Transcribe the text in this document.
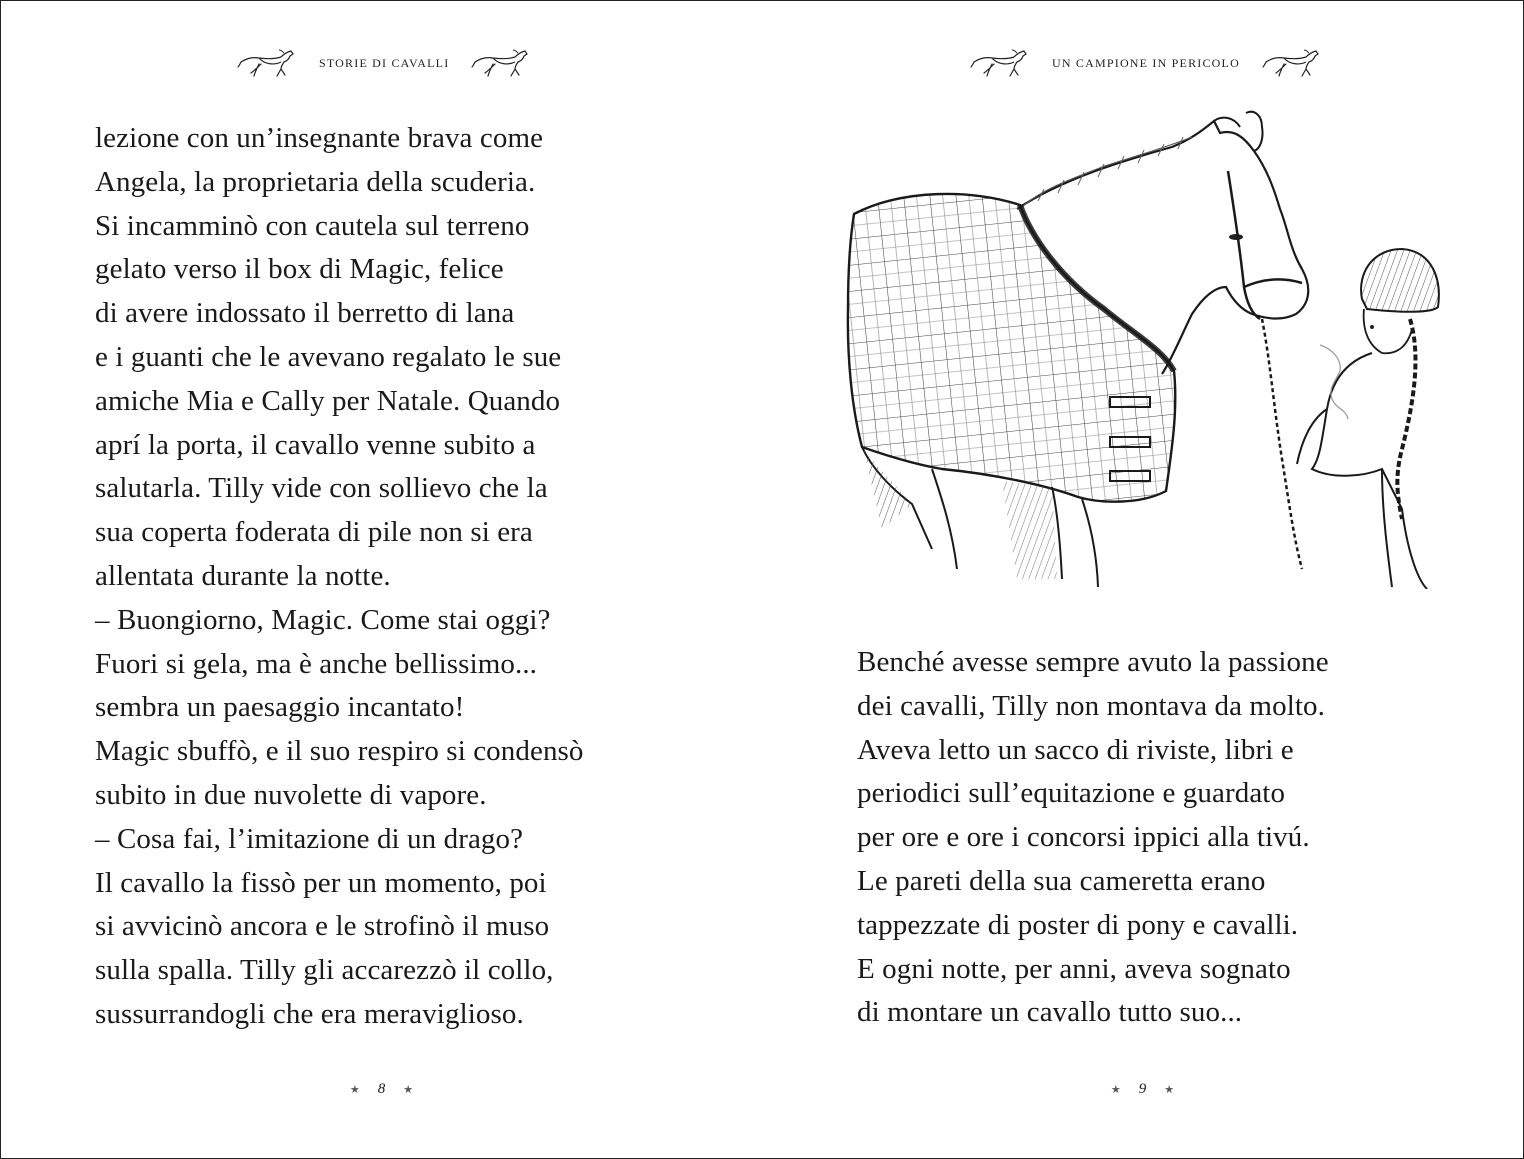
STORIE DI CAVALLI
lezione con un’insegnante brava come
Angela, la proprietaria della scuderia.
Si incamminò con cautela sul terreno
gelato verso il box di Magic, felice
di avere indossato il berretto di lana
e i guanti che le avevano regalato le sue
amiche Mia e Cally per Natale. Quando
aprí la porta, il cavallo venne subito a
salutarla. Tilly vide con sollievo che la
sua coperta foderata di pile non si era
allentata durante la notte.
– Buongiorno, Magic. Come stai oggi?
Fuori si gela, ma è anche bellissimo...
sembra un paesaggio incantato!
Magic sbuffò, e il suo respiro si condensò
subito in due nuvolette di vapore.
– Cosa fai, l’imitazione di un drago?
Il cavallo la fissò per un momento, poi
si avvicinò ancora e le strofinò il muso
sulla spalla. Tilly gli accarezzò il collo,
sussurrandogli che era meraviglioso.
★ 8 ★
UN CAMPIONE IN PERICOLO
Benché avesse sempre avuto la passione
dei cavalli, Tilly non montava da molto.
Aveva letto un sacco di riviste, libri e
periodici sull’equitazione e guardato
per ore e ore i concorsi ippici alla tivú.
Le pareti della sua cameretta erano
tappezzate di poster di pony e cavalli.
E ogni notte, per anni, aveva sognato
di montare un cavallo tutto suo...
★ 9 ★
